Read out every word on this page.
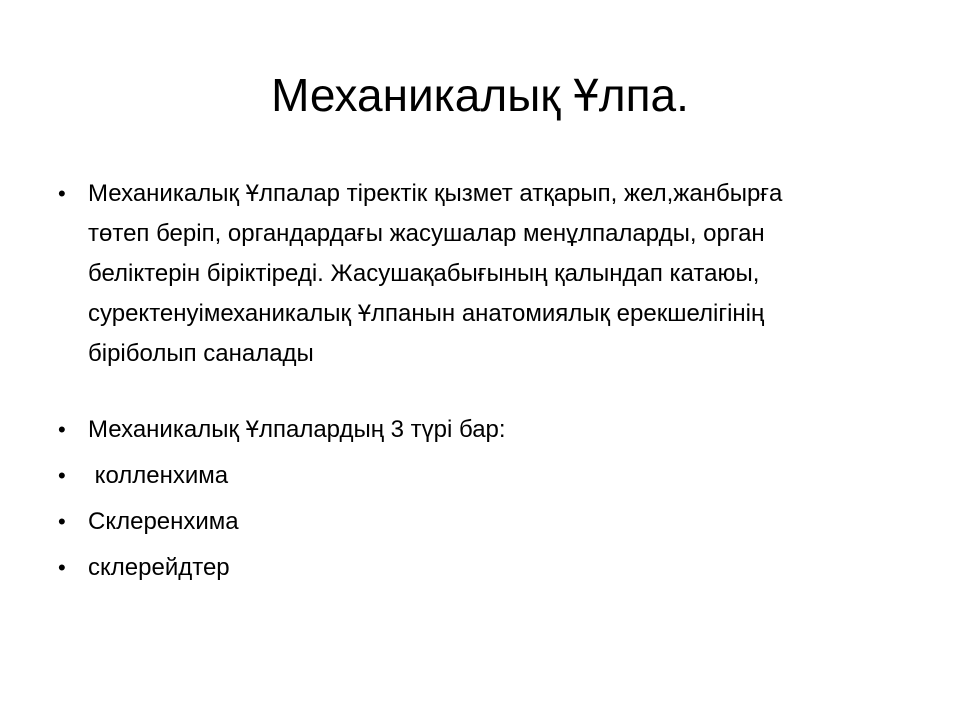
Механикалық Ұлпа.
• Механикалық Ұлпалар тіректік қызмет атқарып, жел,жанбырға төтеп беріп, органдардағы жасушалар менұлпаларды, орган беліктерін біріктіреді. Жасушақабығының қалындап катаюы, суректенуімеханикалық Ұлпанын анатомиялық ерекшелігінің біріболып саналады
• Механикалық Ұлпалардың 3 түрі бар:
• колленхима
• Склеренхима
• склерейдтер
